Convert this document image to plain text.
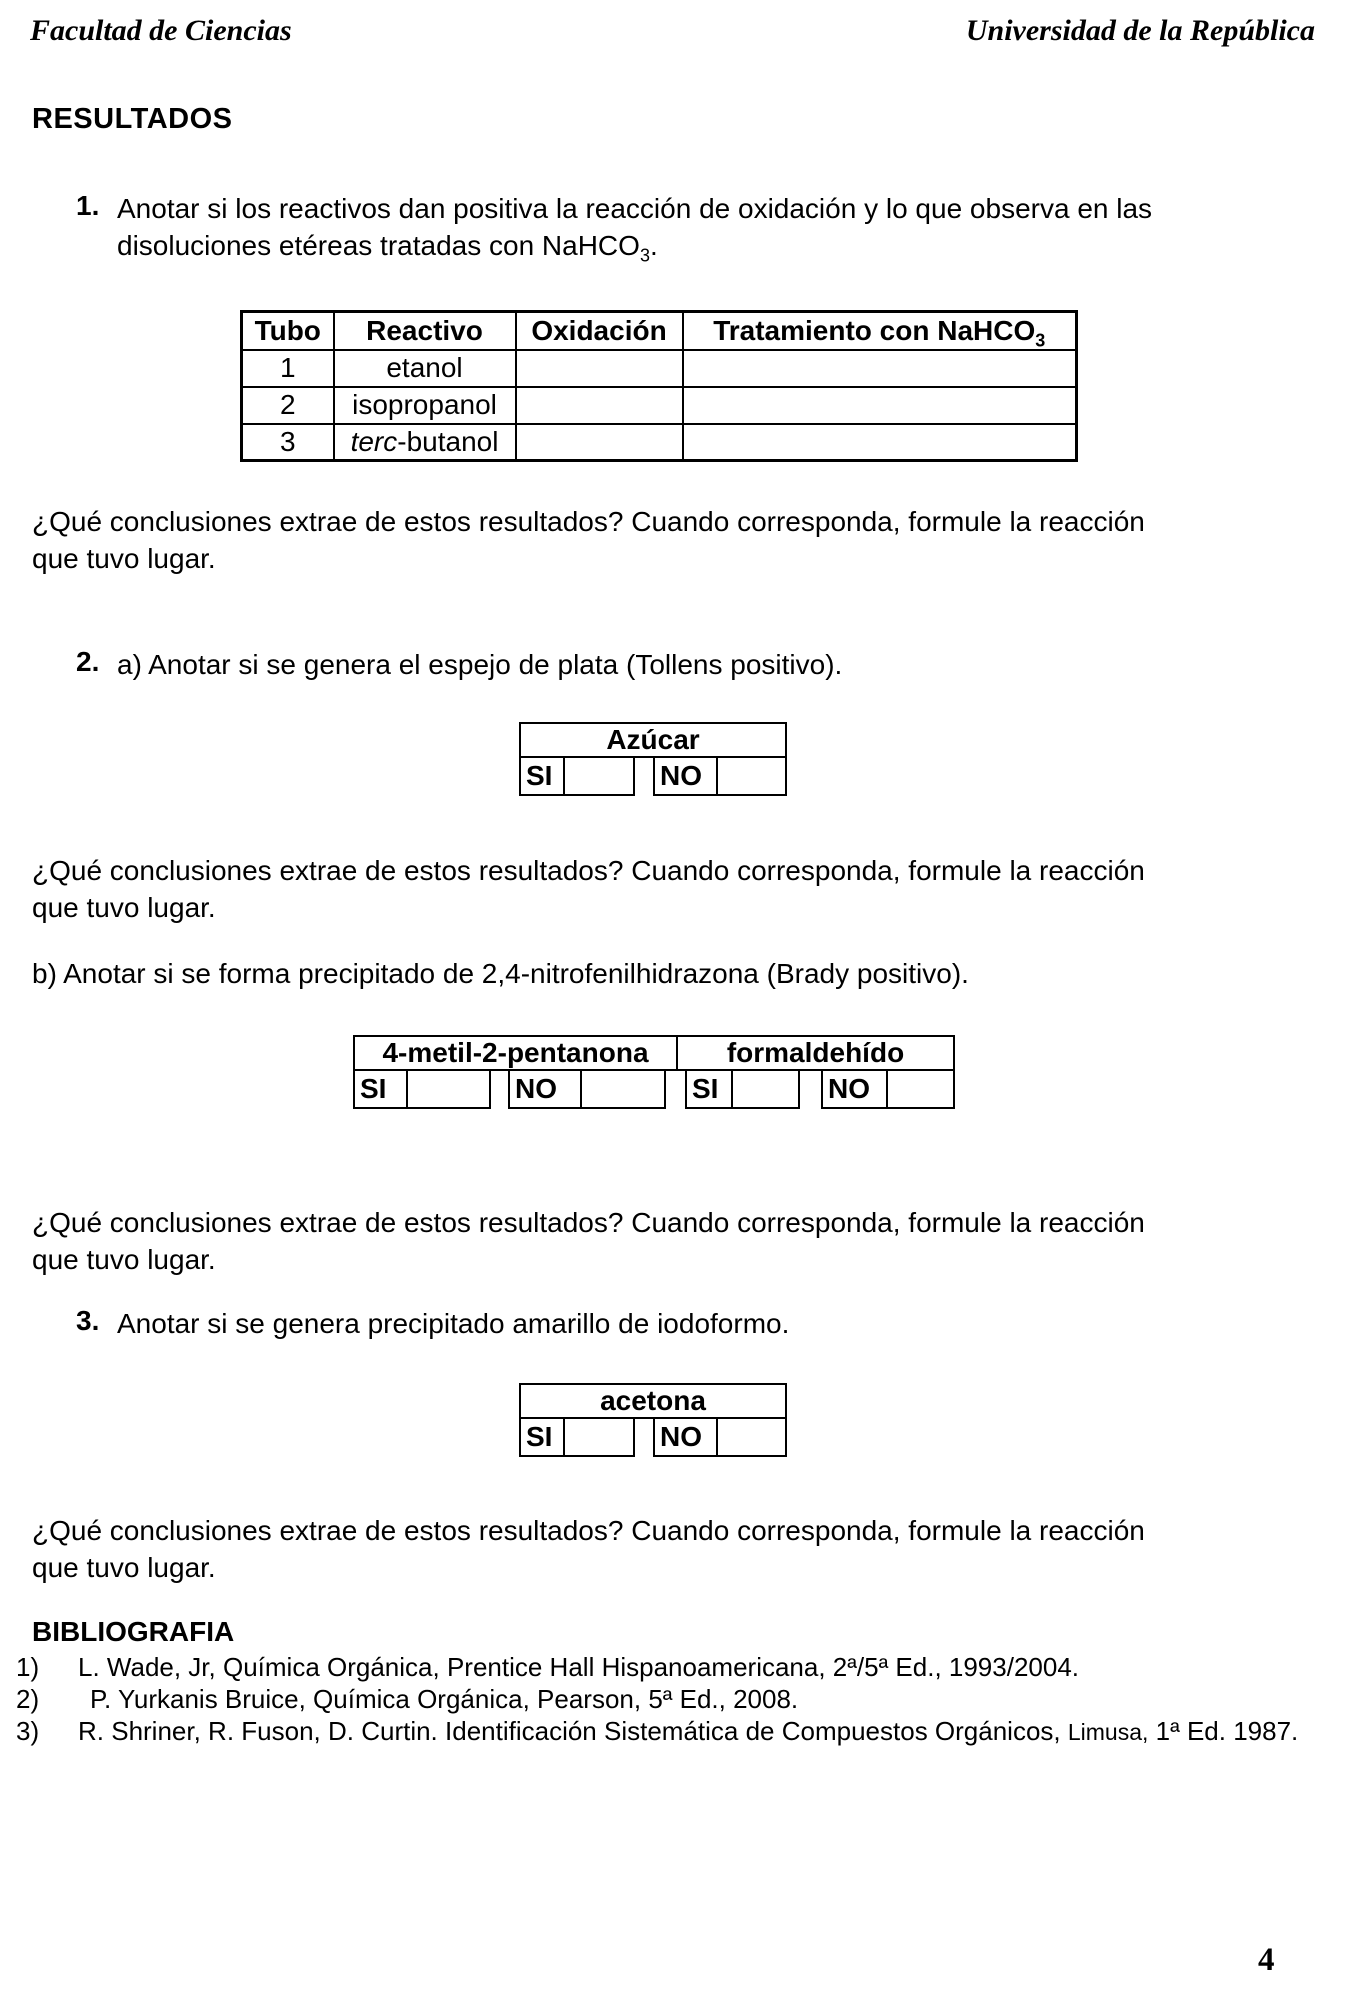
Facultad de Ciencias	Universidad de la República
RESULTADOS
1. Anotar si los reactivos dan positiva la reacción de oxidación y lo que observa en las
disoluciones etéreas tratadas con NaHCO$_3$.
Tubo	Reactivo	Oxidación	Tratamiento con NaHCO$_3$
1	etanol		
2	isopropanol		
3	terc-butanol		
¿Qué conclusiones extrae de estos resultados? Cuando corresponda, formule la reacción
que tuvo lugar.
2. a) Anotar si se genera el espejo de plata (Tollens positivo).
Azúcar
SI	NO
¿Qué conclusiones extrae de estos resultados? Cuando corresponda, formule la reacción
que tuvo lugar.
b) Anotar si se forma precipitado de 2,4-nitrofenilhidrazona (Brady positivo).
4-metil-2-pentanona	formaldehído
SI	NO	SI	NO
¿Qué conclusiones extrae de estos resultados? Cuando corresponda, formule la reacción
que tuvo lugar.
3. Anotar si se genera precipitado amarillo de iodoformo.
acetona
SI	NO
¿Qué conclusiones extrae de estos resultados? Cuando corresponda, formule la reacción
que tuvo lugar.
BIBLIOGRAFIA
1)	L. Wade, Jr, Química Orgánica, Prentice Hall Hispanoamericana, 2ª/5ª Ed., 1993/2004.
2)	P. Yurkanis Bruice, Química Orgánica, Pearson, 5ª Ed., 2008.
3)	R. Shriner, R. Fuson, D. Curtin. Identificación Sistemática de Compuestos Orgánicos, Limusa, 1ª Ed. 1987.
4
